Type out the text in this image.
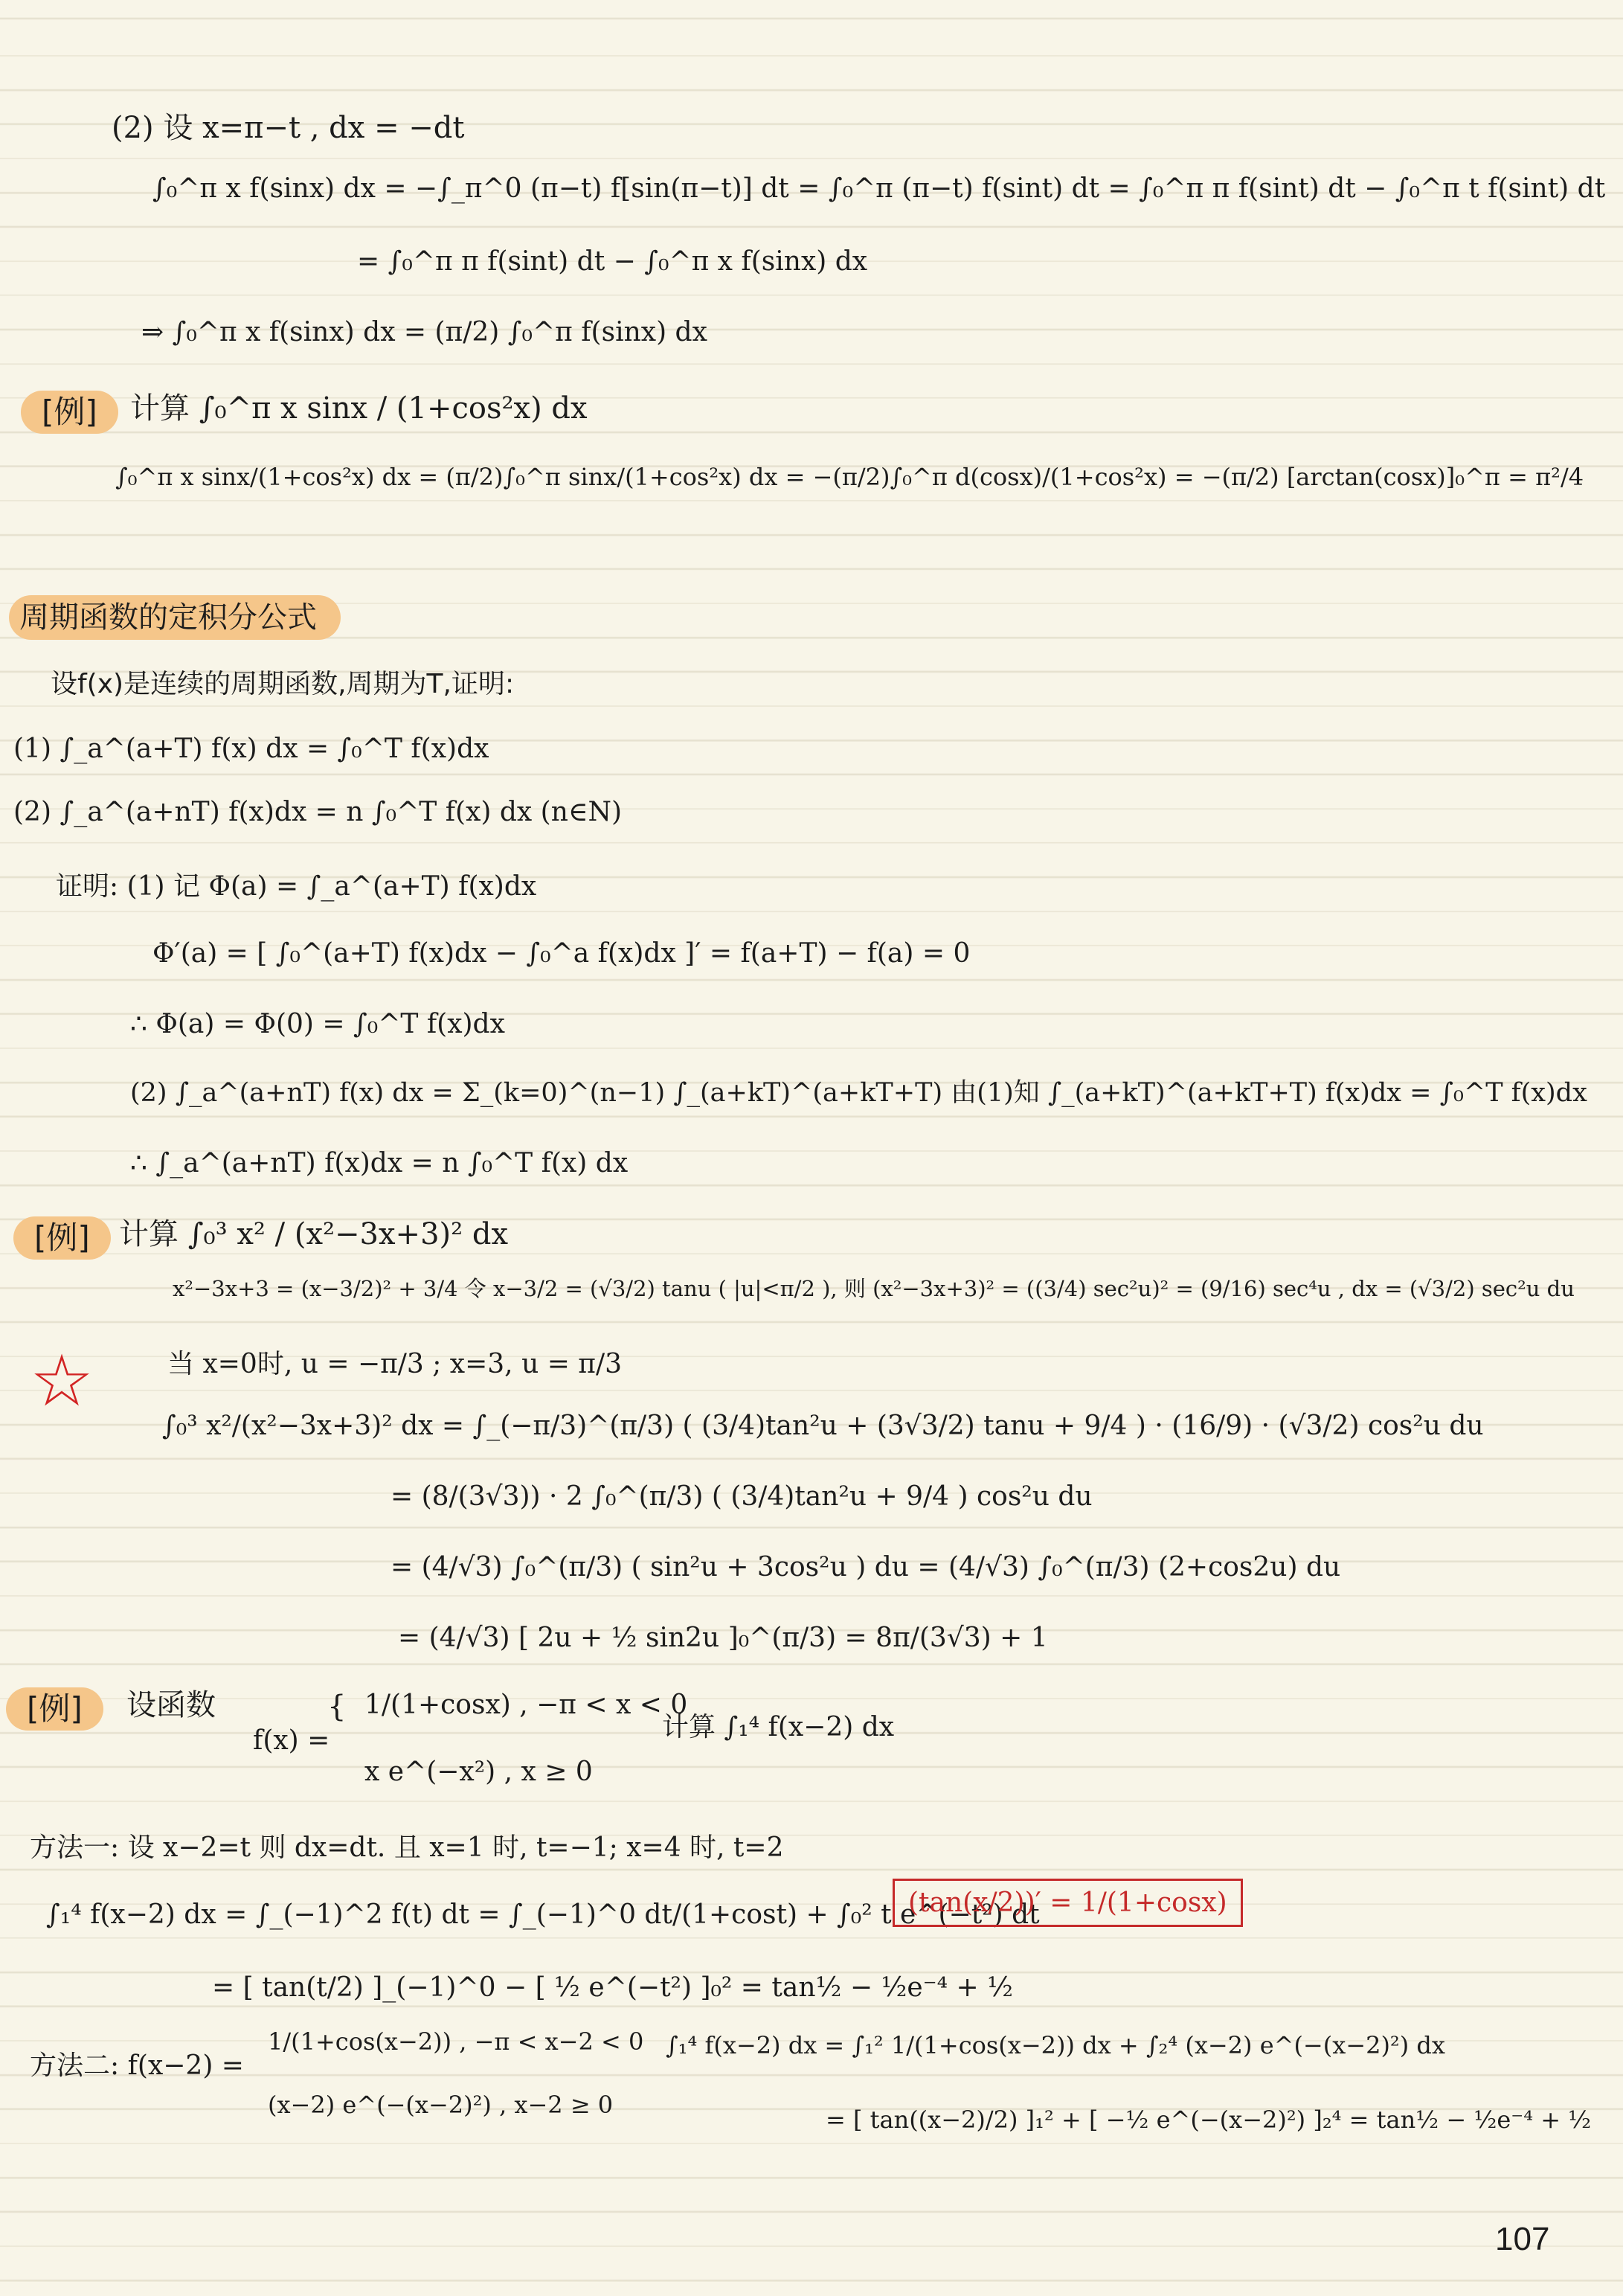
(2) 设 x=π−t , dx = −dt
∫₀^π x f(sinx) dx = −∫_π^0 (π−t) f[sin(π−t)] dt = ∫₀^π (π−t) f(sint) dt = ∫₀^π π f(sint) dt − ∫₀^π t f(sint) dt
= ∫₀^π π f(sint) dt − ∫₀^π x f(sinx) dx
⇒ ∫₀^π x f(sinx) dx = (π/2) ∫₀^π f(sinx) dx
[例]	计算 ∫₀^π x sinx / (1+cos²x) dx
∫₀^π x sinx/(1+cos²x) dx = (π/2)∫₀^π sinx/(1+cos²x) dx = −(π/2)∫₀^π d(cosx)/(1+cos²x) = −(π/2) [arctan(cosx)]₀^π = π²/4
周期函数的定积分公式
设f(x)是连续的周期函数,周期为T,证明:
(1) ∫_a^(a+T) f(x) dx = ∫₀^T f(x)dx
(2) ∫_a^(a+nT) f(x)dx = n ∫₀^T f(x) dx (n∈N)
证明: (1) 记 Φ(a) = ∫_a^(a+T) f(x)dx
Φ′(a) = [ ∫₀^(a+T) f(x)dx − ∫₀^a f(x)dx ]′ = f(a+T) − f(a) = 0
∴ Φ(a) = Φ(0) = ∫₀^T f(x)dx
(2) ∫_a^(a+nT) f(x) dx = Σ_(k=0)^(n−1) ∫_(a+kT)^(a+kT+T) 由(1)知 ∫_(a+kT)^(a+kT+T) f(x)dx = ∫₀^T f(x)dx
∴ ∫_a^(a+nT) f(x)dx = n ∫₀^T f(x) dx
[例] 计算 ∫₀³ x² / (x²−3x+3)² dx
x²−3x+3 = (x−3/2)² + 3/4 令 x−3/2 = (√3/2) tanu ( |u|<π/2 ), 则 (x²−3x+3)² = ((3/4) sec²u)² = (9/16) sec⁴u , dx = (√3/2) sec²u du
☆	当 x=0时, u = −π/3 ; x=3, u = π/3
∫₀³ x²/(x²−3x+3)² dx = ∫_(−π/3)^(π/3) ( (3/4)tan²u + (3√3/2) tanu + 9/4 ) · (16/9) · (√3/2) cos²u du
= (8/(3√3)) · 2 ∫₀^(π/3) ( (3/4)tan²u + 9/4 ) cos²u du
= (4/√3) ∫₀^(π/3) ( sin²u + 3cos²u ) du = (4/√3) ∫₀^(π/3) (2+cos2u) du
= (4/√3) [ 2u + ½ sin2u ]₀^(π/3) = 8π/(3√3) + 1
[例]	设函数
f(x) =
{ 1/(1+cosx) , −π < x < 0
x e^(−x²) , x ≥ 0
计算 ∫₁⁴ f(x−2) dx
方法一: 设 x−2=t 则 dx=dt. 且 x=1 时, t=−1; x=4 时, t=2
∫₁⁴ f(x−2) dx = ∫_(−1)^2 f(t) dt = ∫_(−1)^0 dt/(1+cost) + ∫₀² t e^(−t²) dt
(tan(x/2))′ = 1/(1+cosx)
= [ tan(t/2) ]_(−1)^0 − [ ½ e^(−t²) ]₀² = tan½ − ½e⁻⁴ + ½
方法二: f(x−2) =
1/(1+cos(x−2)) , −π < x−2 < 0
(x−2) e^(−(x−2)²) , x−2 ≥ 0
∫₁⁴ f(x−2) dx = ∫₁² 1/(1+cos(x−2)) dx + ∫₂⁴ (x−2) e^(−(x−2)²) dx
= [ tan((x−2)/2) ]₁² + [ −½ e^(−(x−2)²) ]₂⁴ = tan½ − ½e⁻⁴ + ½
107
